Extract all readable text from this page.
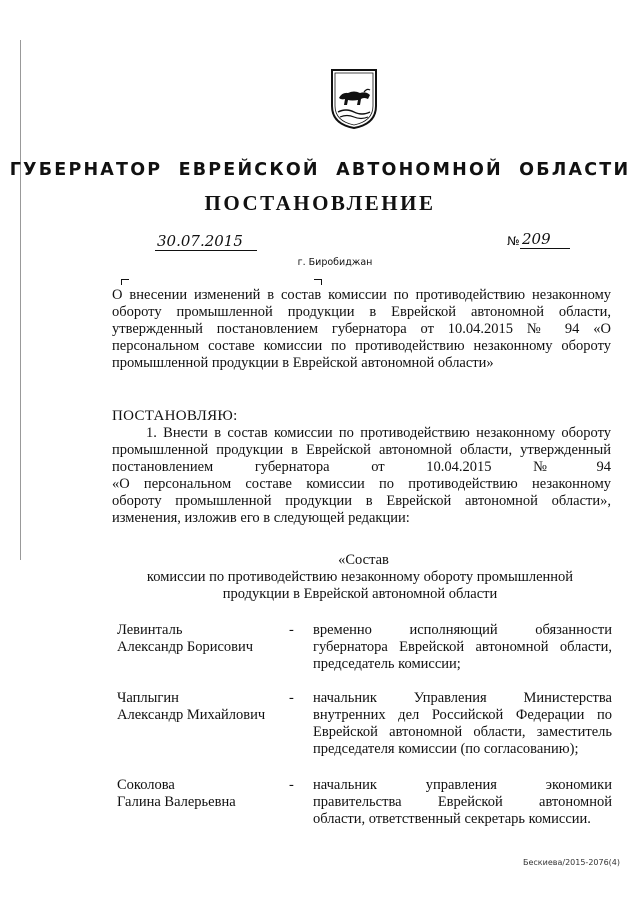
ГУБЕРНАТОР ЕВРЕЙСКОЙ АВТОНОМНОЙ ОБЛАСТИ
ПОСТАНОВЛЕНИЕ
30.07.2015	№ 209
г. Биробиджан
О внесении изменений в состав комиссии по противодействию незаконному
обороту промышленной продукции в Еврейской автономной области,
утвержденный постановлением губернатора от 10.04.2015 № 94 «О
персональном составе комиссии по противодействию незаконному обороту
промышленной продукции в Еврейской автономной области»
ПОСТАНОВЛЯЮ:
1. Внести в состав комиссии по противодействию незаконному обороту
промышленной продукции в Еврейской автономной области, утвержденный
постановлением губернатора от 10.04.2015 № 94
«О персональном составе комиссии по противодействию незаконному
обороту промышленной продукции в Еврейской автономной области»,
изменения, изложив его в следующей редакции:
«Состав
комиссии по противодействию незаконному обороту промышленной
продукции в Еврейской автономной области
Левинталь
Александр Борисович
- временно исполняющий обязанности
губернатора Еврейской автономной области,
председатель комиссии;
Чаплыгин
Александр Михайлович
- начальник Управления Министерства
внутренних дел Российской Федерации по
Еврейской автономной области, заместитель
председателя комиссии (по согласованию);
Соколова
Галина Валерьевна
- начальник управления экономики
правительства Еврейской автономной
области, ответственный секретарь комиссии.
Бескиева/2015-2076(4)
